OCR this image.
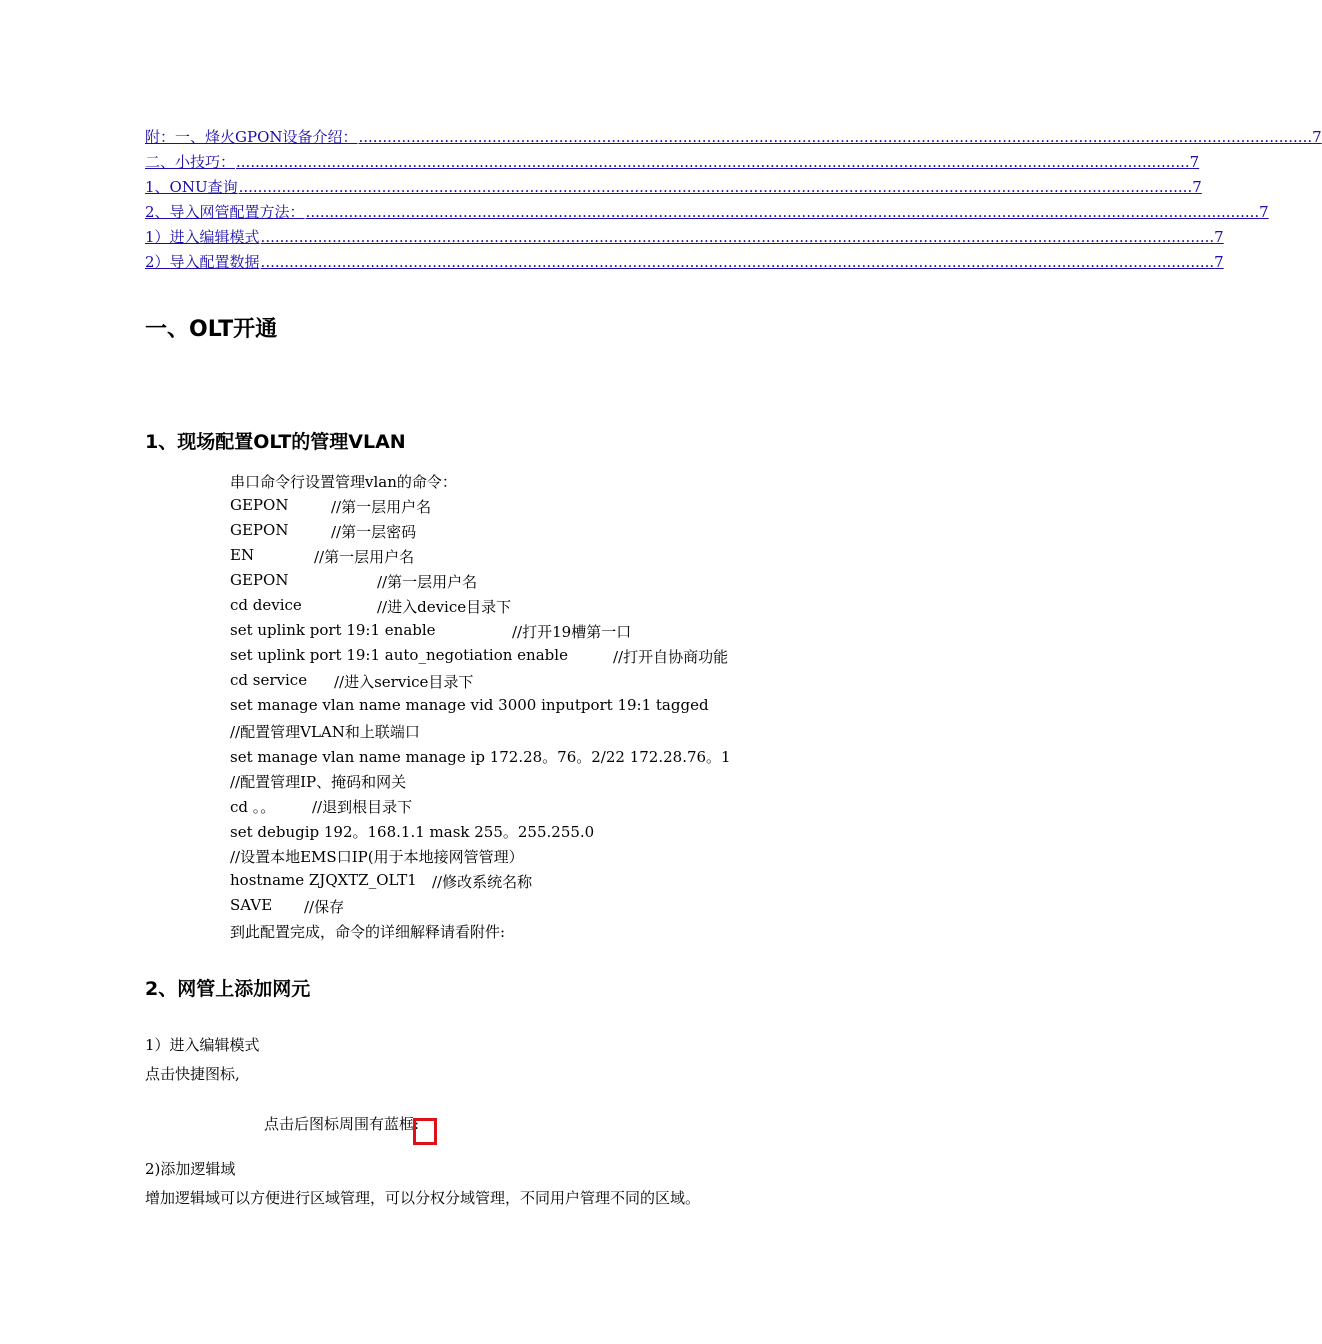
附：一、烽火GPON设备介绍： ........................................................................................................................................................................................................ 7
二、小技巧： ........................................................................................................................................................................................................ 7
1、ONU查询 ........................................................................................................................................................................................................ 7
2、导入网管配置方法： ........................................................................................................................................................................................................ 7
1）进入编辑模式 ........................................................................................................................................................................................................ 7
2）导入配置数据 ........................................................................................................................................................................................................ 7
一、OLT开通
1、现场配置OLT的管理VLAN
串口命令行设置管理vlan的命令：
GEPON	//第一层用户名
GEPON	//第一层密码
EN	//第一层用户名
GEPON	//第一层用户名
cd device	//进入device目录下
set uplink port 19:1 enable	//打开19槽第一口
set uplink port 19:1 auto_negotiation enable	//打开自协商功能
cd service //进入service目录下
set manage vlan name manage vid 3000 inputport 19:1 tagged
//配置管理VLAN和上联端口
set manage vlan name manage ip 172.28。76。2/22 172.28.76。1
//配置管理IP、掩码和网关
cd 。。 //退到根目录下
set debugip 192。168.1.1 mask 255。255.255.0
//设置本地EMS口IP(用于本地接网管管理）
hostname ZJQXTZ_OLT1 //修改系统名称
SAVE //保存
到此配置完成，命令的详细解释请看附件:
2、网管上添加网元
1）进入编辑模式
点击快捷图标,
点击后图标周围有蓝框:
2)添加逻辑域
增加逻辑域可以方便进行区域管理，可以分权分域管理，不同用户管理不同的区域。
